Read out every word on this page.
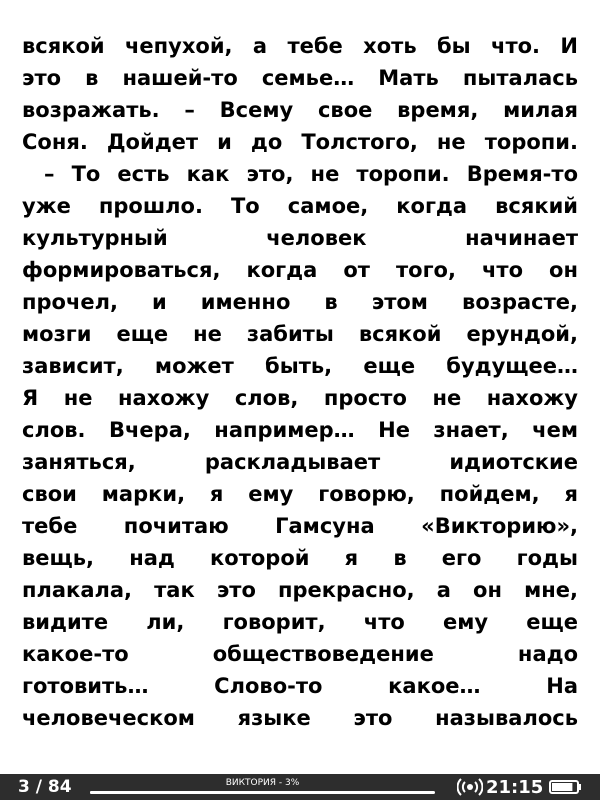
всякой чепухой, а тебе хоть бы что. И
это в нашей-то семье… Мать пыталась
возражать. – Всему свое время, милая
Соня. Дойдет и до Толстого, не торопи.
– То есть как это, не торопи. Время-то
уже прошло. То самое, когда всякий
культурный человек начинает
формироваться, когда от того, что он
прочел, и именно в этом возрасте,
мозги еще не забиты всякой ерундой,
зависит, может быть, еще будущее…
Я не нахожу слов, просто не нахожу
слов. Вчера, например… Не знает, чем
заняться, раскладывает идиотские
свои марки, я ему говорю, пойдем, я
тебе почитаю Гамсуна «Викторию»,
вещь, над которой я в его годы
плакала, так это прекрасно, а он мне,
видите ли, говорит, что ему еще
какое-то обществоведение надо
готовить… Слово-то какое… На
человеческом языке это называлось
3 / 84	ВИКТОРИЯ - 3%	21:15
